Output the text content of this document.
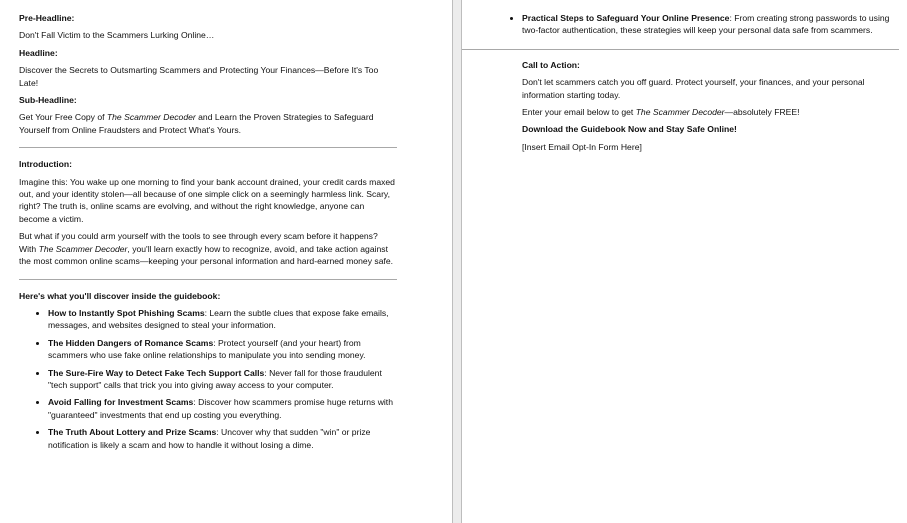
Pre-Headline:

Don't Fall Victim to the Scammers Lurking Online…

Headline:

Discover the Secrets to Outsmarting Scammers and Protecting Your Finances—Before It's Too Late!

Sub-Headline:

Get Your Free Copy of The Scammer Decoder and Learn the Proven Strategies to Safeguard Yourself from Online Fraudsters and Protect What's Yours.

Introduction:

Imagine this: You wake up one morning to find your bank account drained, your credit cards maxed out, and your identity stolen—all because of one simple click on a seemingly harmless link. Scary, right? The truth is, online scams are evolving, and without the right knowledge, anyone can become a victim.

But what if you could arm yourself with the tools to see through every scam before it happens? With The Scammer Decoder, you'll learn exactly how to recognize, avoid, and take action against the most common online scams—keeping your personal information and hard-earned money safe.

Here's what you'll discover inside the guidebook:

• How to Instantly Spot Phishing Scams: Learn the subtle clues that expose fake emails, messages, and websites designed to steal your information.
• The Hidden Dangers of Romance Scams: Protect yourself (and your heart) from scammers who use fake online relationships to manipulate you into sending money.
• The Sure-Fire Way to Detect Fake Tech Support Calls: Never fall for those fraudulent "tech support" calls that trick you into giving away access to your computer.
• Avoid Falling for Investment Scams: Discover how scammers promise huge returns with "guaranteed" investments that end up costing you everything.
• The Truth About Lottery and Prize Scams: Uncover why that sudden "win" or prize notification is likely a scam and how to handle it without losing a dime.
• Practical Steps to Safeguard Your Online Presence: From creating strong passwords to using two-factor authentication, these strategies will keep your personal data safe from scammers.

Call to Action:

Don't let scammers catch you off guard. Protect yourself, your finances, and your personal information starting today.

Enter your email below to get The Scammer Decoder—absolutely FREE!

Download the Guidebook Now and Stay Safe Online!

[Insert Email Opt-In Form Here]
